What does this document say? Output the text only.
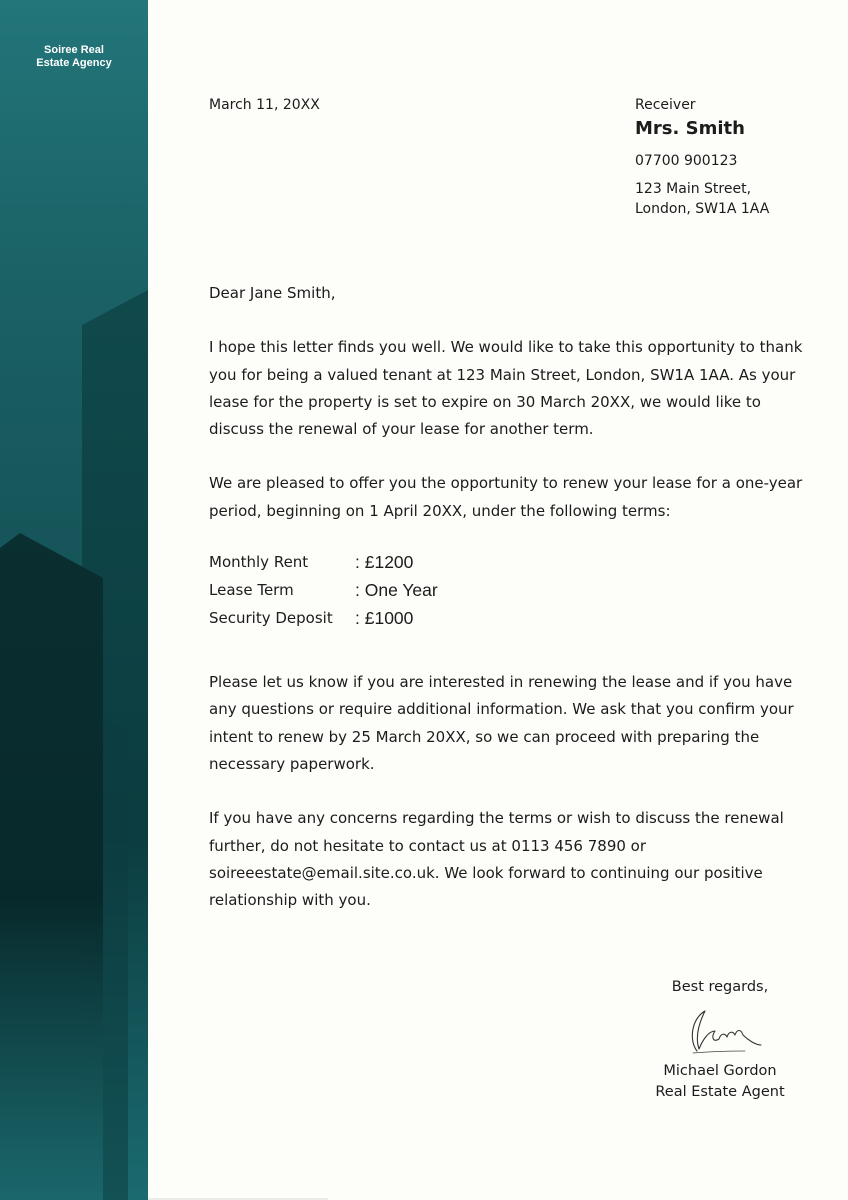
Soiree Real
Estate Agency
March 11, 20XX	Receiver
Mrs. Smith
07700 900123
123 Main Street,
London, SW1A 1AA

Dear Jane Smith,

I hope this letter finds you well. We would like to take this opportunity to thank you for being a valued tenant at 123 Main Street, London, SW1A 1AA. As your lease for the property is set to expire on 30 March 20XX, we would like to discuss the renewal of your lease for another term.

We are pleased to offer you the opportunity to renew your lease for a one-year period, beginning on 1 April 20XX, under the following terms:

Monthly Rent	: £1200
Lease Term	: One Year
Security Deposit	: £1000

Please let us know if you are interested in renewing the lease and if you have any questions or require additional information. We ask that you confirm your intent to renew by 25 March 20XX, so we can proceed with preparing the necessary paperwork.

If you have any concerns regarding the terms or wish to discuss the renewal further, do not hesitate to contact us at 0113 456 7890 or soireeestate@email.site.co.uk. We look forward to continuing our positive relationship with you.

Best regards,
Michael Gordon
Real Estate Agent
